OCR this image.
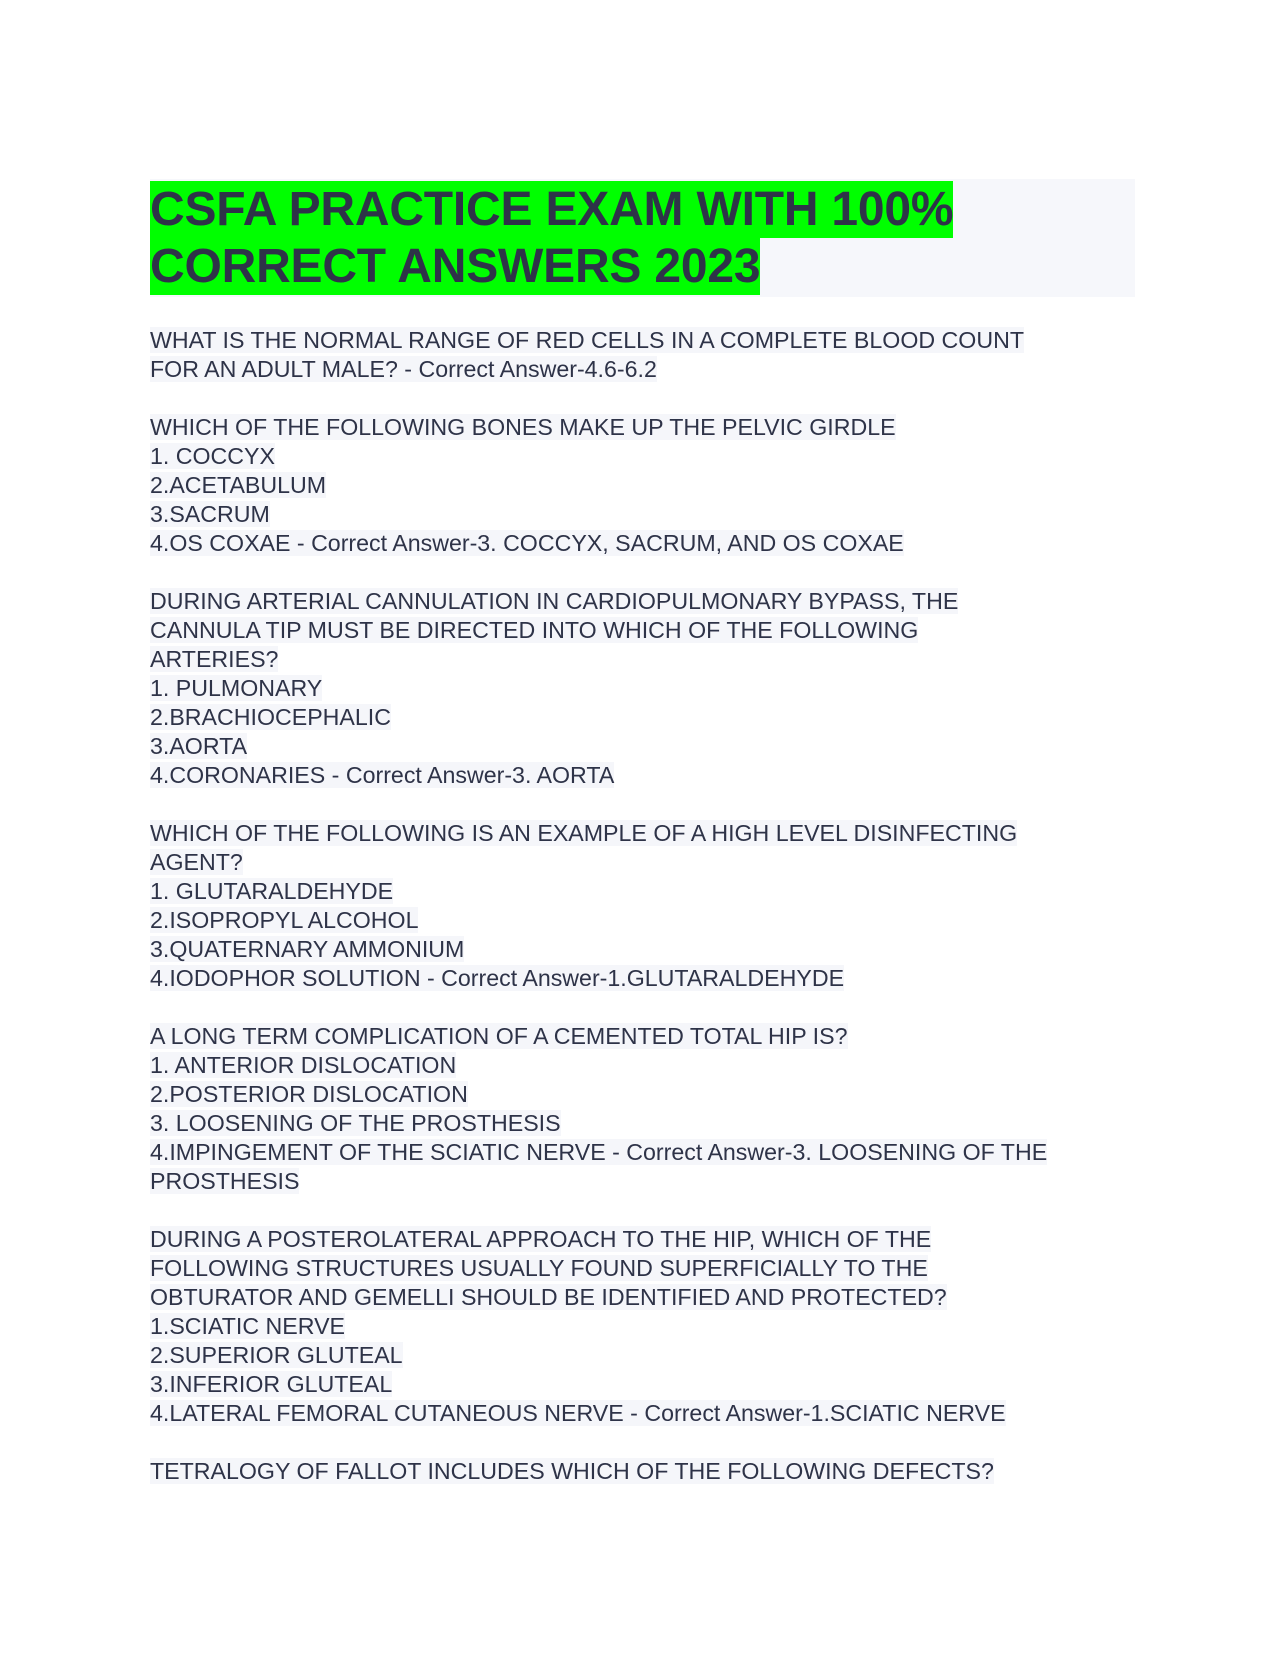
CSFA PRACTICE EXAM WITH 100%
CORRECT ANSWERS 2023
WHAT IS THE NORMAL RANGE OF RED CELLS IN A COMPLETE BLOOD COUNT
FOR AN ADULT MALE? - Correct Answer-4.6-6.2
WHICH OF THE FOLLOWING BONES MAKE UP THE PELVIC GIRDLE
1. COCCYX
2.ACETABULUM
3.SACRUM
4.OS COXAE - Correct Answer-3. COCCYX, SACRUM, AND OS COXAE
DURING ARTERIAL CANNULATION IN CARDIOPULMONARY BYPASS, THE
CANNULA TIP MUST BE DIRECTED INTO WHICH OF THE FOLLOWING
ARTERIES?
1. PULMONARY
2.BRACHIOCEPHALIC
3.AORTA
4.CORONARIES - Correct Answer-3. AORTA
WHICH OF THE FOLLOWING IS AN EXAMPLE OF A HIGH LEVEL DISINFECTING
AGENT?
1. GLUTARALDEHYDE
2.ISOPROPYL ALCOHOL
3.QUATERNARY AMMONIUM
4.IODOPHOR SOLUTION - Correct Answer-1.GLUTARALDEHYDE
A LONG TERM COMPLICATION OF A CEMENTED TOTAL HIP IS?
1. ANTERIOR DISLOCATION
2.POSTERIOR DISLOCATION
3. LOOSENING OF THE PROSTHESIS
4.IMPINGEMENT OF THE SCIATIC NERVE - Correct Answer-3. LOOSENING OF THE
PROSTHESIS
DURING A POSTEROLATERAL APPROACH TO THE HIP, WHICH OF THE
FOLLOWING STRUCTURES USUALLY FOUND SUPERFICIALLY TO THE
OBTURATOR AND GEMELLI SHOULD BE IDENTIFIED AND PROTECTED?
1.SCIATIC NERVE
2.SUPERIOR GLUTEAL
3.INFERIOR GLUTEAL
4.LATERAL FEMORAL CUTANEOUS NERVE - Correct Answer-1.SCIATIC NERVE
TETRALOGY OF FALLOT INCLUDES WHICH OF THE FOLLOWING DEFECTS?
